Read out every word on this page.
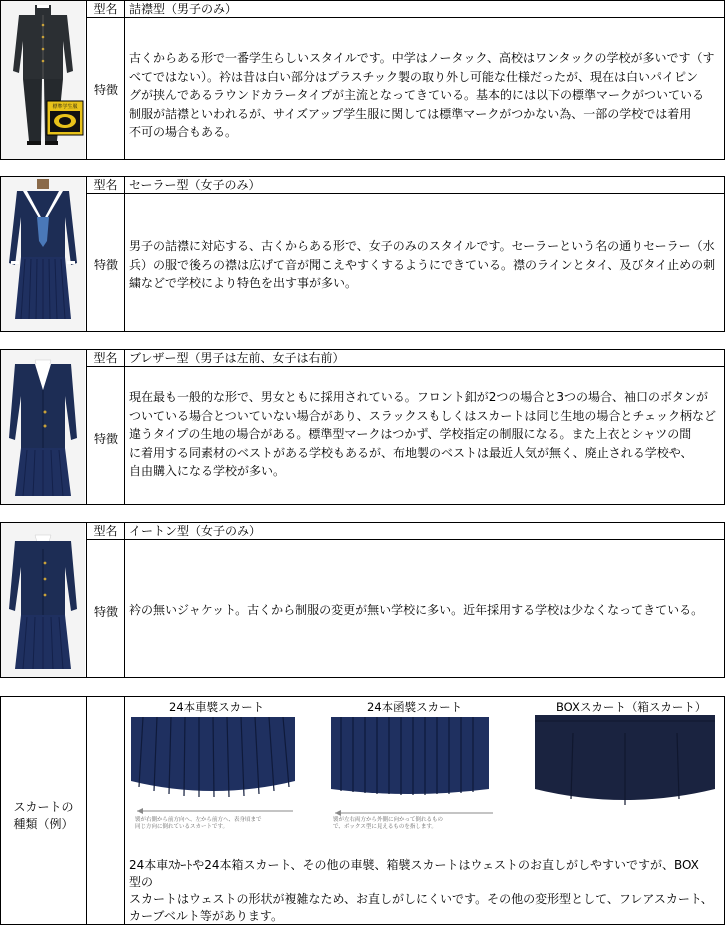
標準学生服
型名 詰襟型（男子のみ）
特徴
古くからある形で一番学生らしいスタイルです。中学はノータック、高校はワンタックの学校が多いです（す
べてではない）。衿は昔は白い部分はプラスチック製の取り外し可能な仕様だったが、現在は白いパイピン
グが挟んであるラウンドカラータイプが主流となってきている。基本的には以下の標準マークがついている
制服が詰襟といわれるが、サイズアップ学生服に関しては標準マークがつかない為、一部の学校では着用
不可の場合もある。
型名 セーラー型（女子のみ）
特徴
男子の詰襟に対応する、古くからある形で、女子のみのスタイルです。セーラーという名の通りセーラー（水
兵）の服で後ろの襟は広げて音が聞こえやすくするようにできている。襟のラインとタイ、及びタイ止めの刺
繍などで学校により特色を出す事が多い。
型名 ブレザー型（男子は左前、女子は右前）
特徴
現在最も一般的な形で、男女ともに採用されている。フロント釦が2つの場合と3つの場合、袖口のボタンが
ついている場合とついていない場合があり、スラックスもしくはスカートは同じ生地の場合とチェック柄など
違うタイプの生地の場合がある。標準型マークはつかず、学校指定の制服になる。また上衣とシャツの間
に着用する同素材のベストがある学校もあるが、布地製のベストは最近人気が無く、廃止される学校や、
自由購入になる学校が多い。
型名 イートン型（女子のみ）
特徴 衿の無いジャケット。古くから制服の変更が無い学校に多い。近年採用する学校は少なくなってきている。
スカートの
種類（例）
24本車襞スカート
襞が右側から前方向へ、左から前方へ、表身頃まで
同じ方向に倒れているスカートです。
24本函襞スカート
襞が左右両方から外側に向かって倒れるもの
で、ボックス型に見えるものを指します。
BOXスカート（箱スカート）
24本車ｽｶｰﾄや24本箱スカート、その他の車襞、箱襞スカートはウェストのお直しがしやすいですが、BOX
型の
スカートはウェストの形状が複雑なため、お直しがしにくいです。その他の変形型として、フレアスカート、
カーブベルト等があります。
